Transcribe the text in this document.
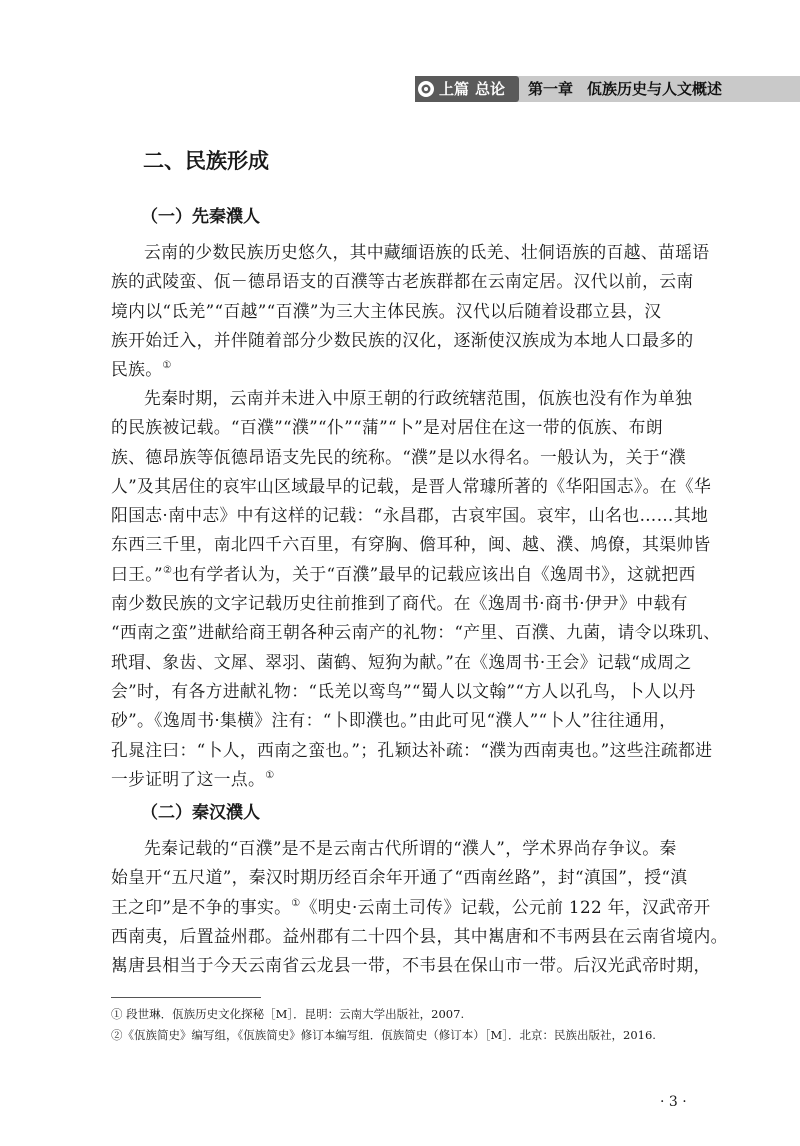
上篇 总论 第一章 佤族历史与人文概述
二、民族形成
（一）先秦濮人
云南的少数民族历史悠久，其中藏缅语族的氐羌、壮侗语族的百越、苗瑶语
族的武陵蛮、佤－德昂语支的百濮等古老族群都在云南定居。汉代以前，云南
境内以“氐羌”“百越”“百濮”为三大主体民族。汉代以后随着设郡立县，汉
族开始迁入，并伴随着部分少数民族的汉化，逐渐使汉族成为本地人口最多的
民族。①
先秦时期，云南并未进入中原王朝的行政统辖范围，佤族也没有作为单独
的民族被记载。“百濮”“濮”“仆”“蒲”“卜”是对居住在这一带的佤族、布朗
族、德昂族等佤德昂语支先民的统称。“濮”是以水得名。一般认为，关于“濮
人”及其居住的哀牢山区域最早的记载，是晋人常璩所著的《华阳国志》。在《华
阳国志·南中志》中有这样的记载：“永昌郡，古哀牢国。哀牢，山名也……其地
东西三千里，南北四千六百里，有穿胸、儋耳种，闽、越、濮、鸠僚，其渠帅皆
曰王。”②也有学者认为，关于“百濮”最早的记载应该出自《逸周书》，这就把西
南少数民族的文字记载历史往前推到了商代。在《逸周书·商书·伊尹》中载有
“西南之蛮”进献给商王朝各种云南产的礼物：“产里、百濮、九菌，请令以珠玑、
玳瑁、象齿、文犀、翠羽、菌鹤、短狗为献。”在《逸周书·王会》记载“成周之
会”时，有各方进献礼物：“氐羌以鸾鸟”“蜀人以文翰”“方人以孔鸟，卜人以丹
砂”。《逸周书·集横》注有：“卜即濮也。”由此可见“濮人”“卜人”往往通用，
孔晁注曰：“卜人，西南之蛮也。”；孔颖达补疏：“濮为西南夷也。”这些注疏都进
一步证明了这一点。①
（二）秦汉濮人
先秦记载的“百濮”是不是云南古代所谓的“濮人”，学术界尚存争议。秦
始皇开“五尺道”，秦汉时期历经百余年开通了“西南丝路”，封“滇国”，授“滇
王之印”是不争的事实。①《明史·云南土司传》记载，公元前 122 年，汉武帝开
西南夷，后置益州郡。益州郡有二十四个县，其中嶲唐和不韦两县在云南省境内。
嶲唐县相当于今天云南省云龙县一带，不韦县在保山市一带。后汉光武帝时期，
① 段世琳．佤族历史文化探秘［M］．昆明：云南大学出版社，2007.
②《佤族简史》编写组，《佤族简史》修订本编写组．佤族简史（修订本）［M］．北京：民族出版社，2016.
· 3 ·
